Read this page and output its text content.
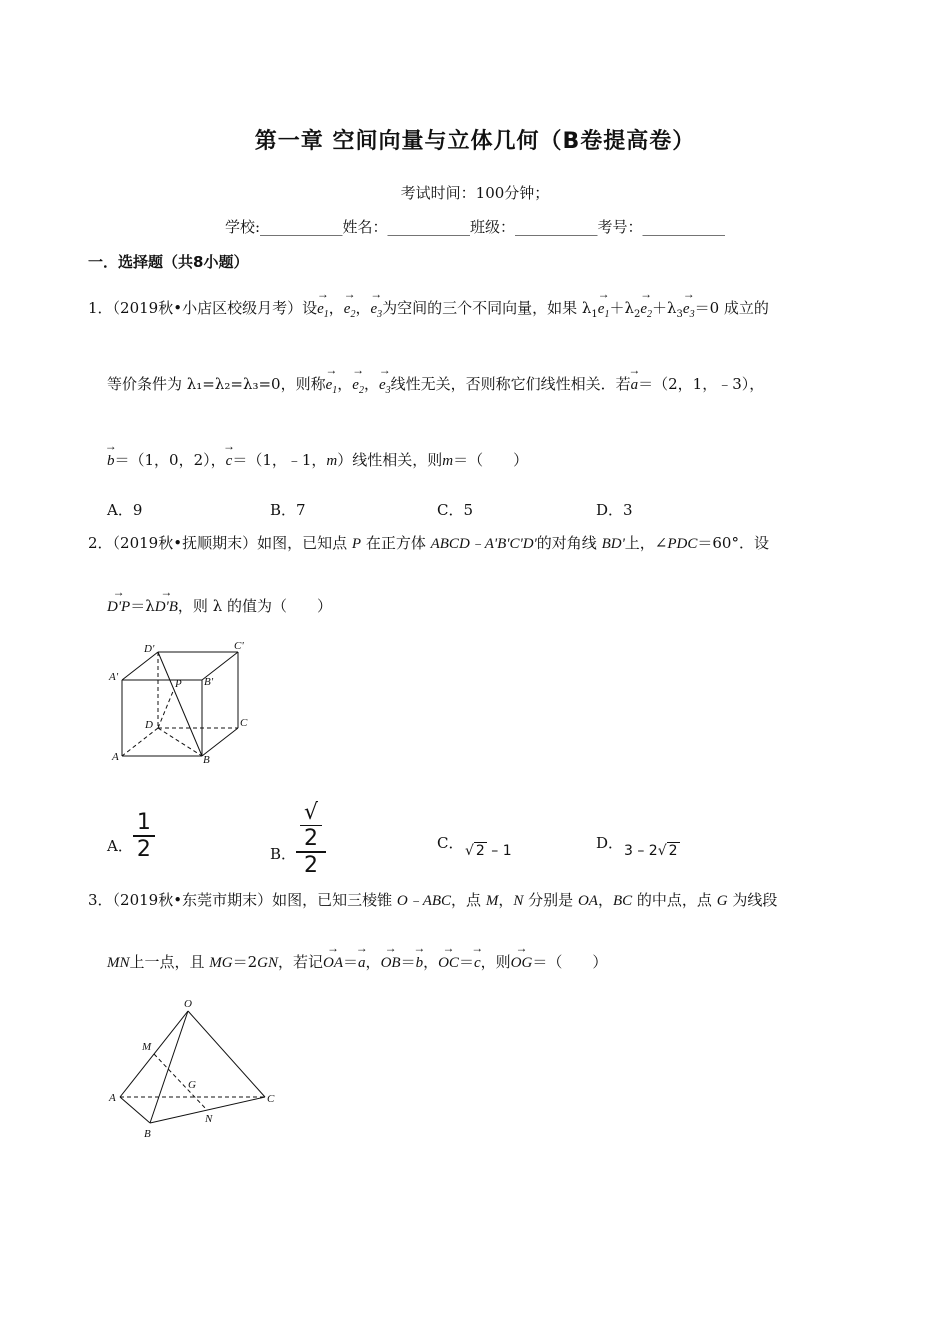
第一章 空间向量与立体几何（B卷提高卷）
考试时间：100分钟；
学校:___________姓名：___________班级：___________考号：___________
一．选择题（共8小题）
1．（2019秋•小店区校级月考）设→ $e_1$，→ $e_2$，→ $e_3$为空间的三个不同向量，如果 $\lambda_1\to e_1+\lambda_2\to e_2+\lambda_3\to e_3=0$ 成立的
等价条件为 λ₁=λ₂=λ₃=0，则称→ $e_1$，→ $e_2$，→ $e_3$线性无关，否则称它们线性相关．若→ a＝（2，1，﹣3），
→ b＝（1，0，2），→ c＝（1，﹣1，m）线性相关，则m＝（　　）
A．9	B．7	C．5	D．3
2．（2019秋•抚顺期末）如图，已知点 P 在正方体 ABCD﹣A'B'C'D'的对角线 BD'上，∠PDC＝60°．设
→ D'P＝λ→ D'B，则 λ 的值为（　　）
D'	C'
A'	B'
P
D	C
A	B
A． $\frac{1}{2}$	B． √
2
2	C． √ 2 – 1	D． 3 – 2√ 2
3．（2019秋•东莞市期末）如图，已知三棱锥 O﹣ABC，点 M，N 分别是 OA，BC 的中点，点 G 为线段
MN上一点，且 MG＝2GN，若记→ OA＝→ a，→ OB＝→ b，→ OC＝→ c，则→ OG＝（　　）
O
M
G
A	C
B
N
